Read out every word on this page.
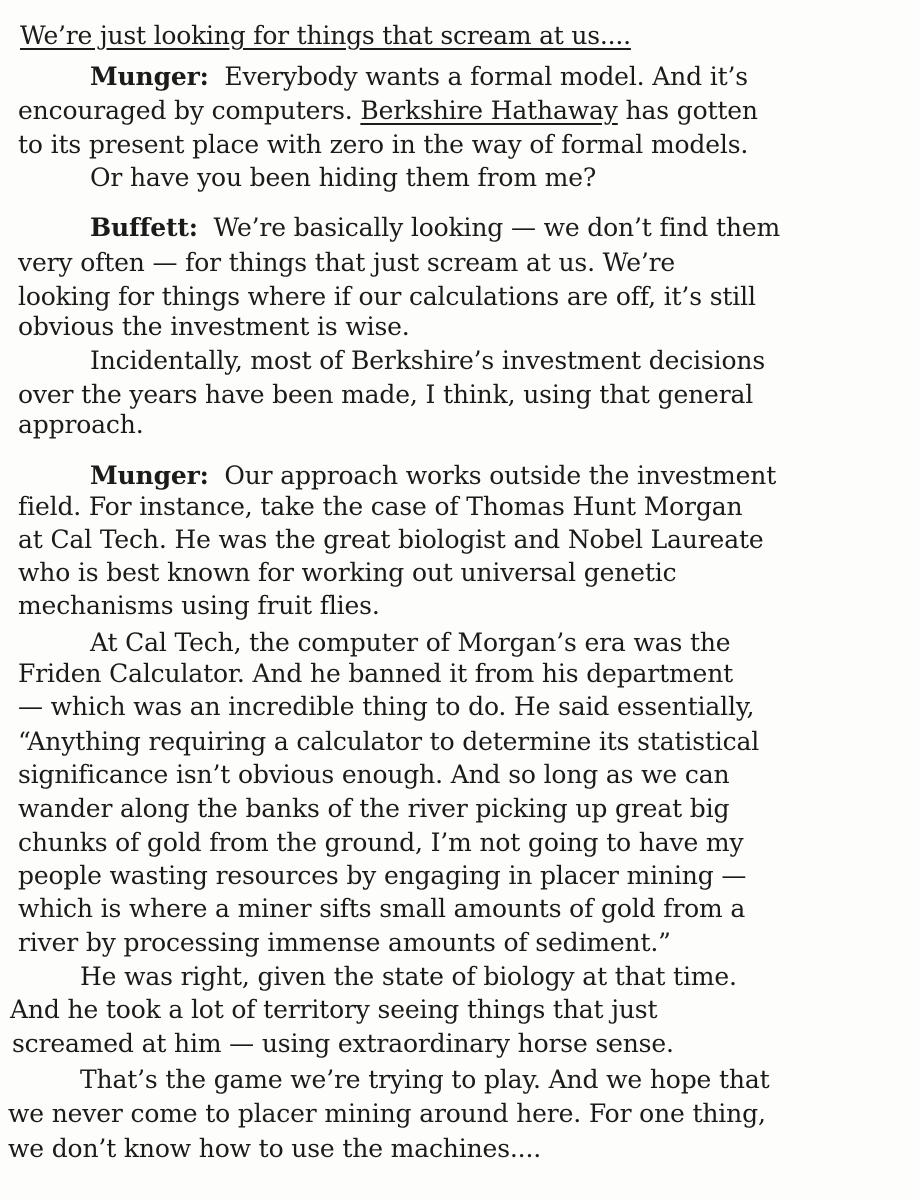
We’re just looking for things that scream at us....
Munger: Everybody wants a formal model. And it’s
encouraged by computers. Berkshire Hathaway has gotten
to its present place with zero in the way of formal models.
Or have you been hiding them from me?
Buffett: We’re basically looking — we don’t find them
very often — for things that just scream at us. We’re
looking for things where if our calculations are off, it’s still
obvious the investment is wise.
Incidentally, most of Berkshire’s investment decisions
over the years have been made, I think, using that general
approach.
Munger: Our approach works outside the investment
field. For instance, take the case of Thomas Hunt Morgan
at Cal Tech. He was the great biologist and Nobel Laureate
who is best known for working out universal genetic
mechanisms using fruit flies.
At Cal Tech, the computer of Morgan’s era was the
Friden Calculator. And he banned it from his department
— which was an incredible thing to do. He said essentially,
“Anything requiring a calculator to determine its statistical
significance isn’t obvious enough. And so long as we can
wander along the banks of the river picking up great big
chunks of gold from the ground, I’m not going to have my
people wasting resources by engaging in placer mining —
which is where a miner sifts small amounts of gold from a
river by processing immense amounts of sediment.”
He was right, given the state of biology at that time.
And he took a lot of territory seeing things that just
screamed at him — using extraordinary horse sense.
That’s the game we’re trying to play. And we hope that
we never come to placer mining around here. For one thing,
we don’t know how to use the machines....
